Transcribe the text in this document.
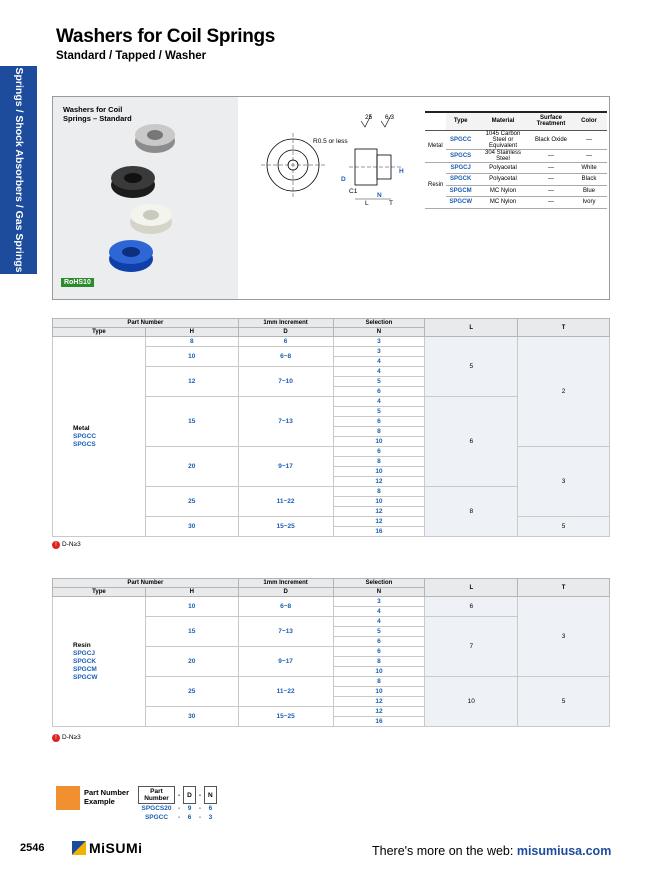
Washers for Coil Springs
Standard / Tapped / Washer
Springs / Shock Absorbers / Gas Springs	Washers for Coil
Springs – Standard
RoHS10
25 6.3
R0.5 or less
D
H
C1
N
L	T
	Type	Material	Surface Treatment	Color
Metal	SPGCC	1045 Carbon Steel or Equivalent	Black Oxide	—
	SPGCS	304 Stainless Steel	—	—
Resin	SPGCJ	Polyacetal	—	White
	SPGCK	Polyacetal	—	Black
	SPGCM	MC Nylon	—	Blue
	SPGCW	MC Nylon	—	Ivory
Part Number		1mm Increment	Selection	L	T
Type	H	D	N		

Metal
SPGCC
SPGCS	8	6	3	5	2
	10	6~8	3		
			4		
	12	7~10	4		
			5		
			6		
	15	7~13	4	6	
			5		
			6		
			8		
			10		
	20	9~17	6		3
			8		
			10		
			12		
	25	11~22	8	8	
			10		
			12		
	30	15~25	12		5
			16		
! D-N≥3
Part Number		1mm Increment	Selection	L	T
Type	H	D	N		

Resin
SPGCJ
SPGCK
SPGCM
SPGCW	10	6~8	3	6	3
			4		
	15	7~13	4	7	
			5		
			6		
	20	9~17	6		
			8		
			10		
	25	11~22	8	10	5
			10		
			12		
	30	15~25	12		
			16		
! D-N≥3
Part Number
Example
Part Number	-	D	-	N
SPGCS20	-	9	-	6
SPGCC	-	6	-	3
2546	MiSUMi	There's more on the web: misumiusa.com
